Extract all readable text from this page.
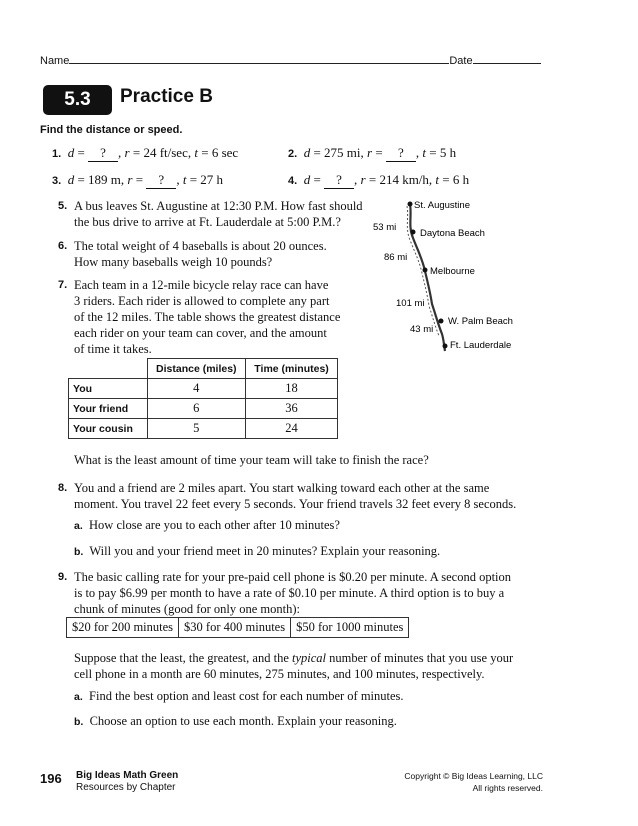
Name	Date
5.3	Practice B
Find the distance or speed.
1. d = ? , r = 24 ft/sec, t = 6 sec	2. d = 275 mi, r = ? , t = 5 h
3. d = 189 m, r = ? , t = 27 h	4. d = ? , r = 214 km/h, t = 6 h
5. A bus leaves St. Augustine at 12:30 P.M. How fast should
the bus drive to arrive at Ft. Lauderdale at 5:00 P.M.?
6. The total weight of 4 baseballs is about 20 ounces.
How many baseballs weigh 10 pounds?
7. Each team in a 12-mile bicycle relay race can have
3 riders. Each rider is allowed to complete any part
of the 12 miles. The table shows the greatest distance
each rider on your team can cover, and the amount
of time it takes.
	Distance (miles)	Time (minutes)
You	4	18
Your friend	6	36
Your cousin	5	24
What is the least amount of time your team will take to finish the race?
St. Augustine
Daytona Beach
Melbourne
W. Palm Beach
Ft. Lauderdale
53 mi
86 mi
101 mi
43 mi
8. You and a friend are 2 miles apart. You start walking toward each other at the same
moment. You travel 22 feet every 5 seconds. Your friend travels 32 feet every 8 seconds.
a. How close are you to each other after 10 minutes?
b. Will you and your friend meet in 20 minutes? Explain your reasoning.
9. The basic calling rate for your pre-paid cell phone is $0.20 per minute. A second option
is to pay $6.99 per month to have a rate of $0.10 per minute. A third option is to buy a
chunk of minutes (good for only one month):
$20 for 200 minutes	$30 for 400 minutes	$50 for 1000 minutes
Suppose that the least, the greatest, and the typical number of minutes that you use your
cell phone in a month are 60 minutes, 275 minutes, and 100 minutes, respectively.
a. Find the best option and least cost for each number of minutes.
b. Choose an option to use each month. Explain your reasoning.
196 Big Ideas Math Green
Resources by Chapter
Copyright © Big Ideas Learning, LLC
All rights reserved.
